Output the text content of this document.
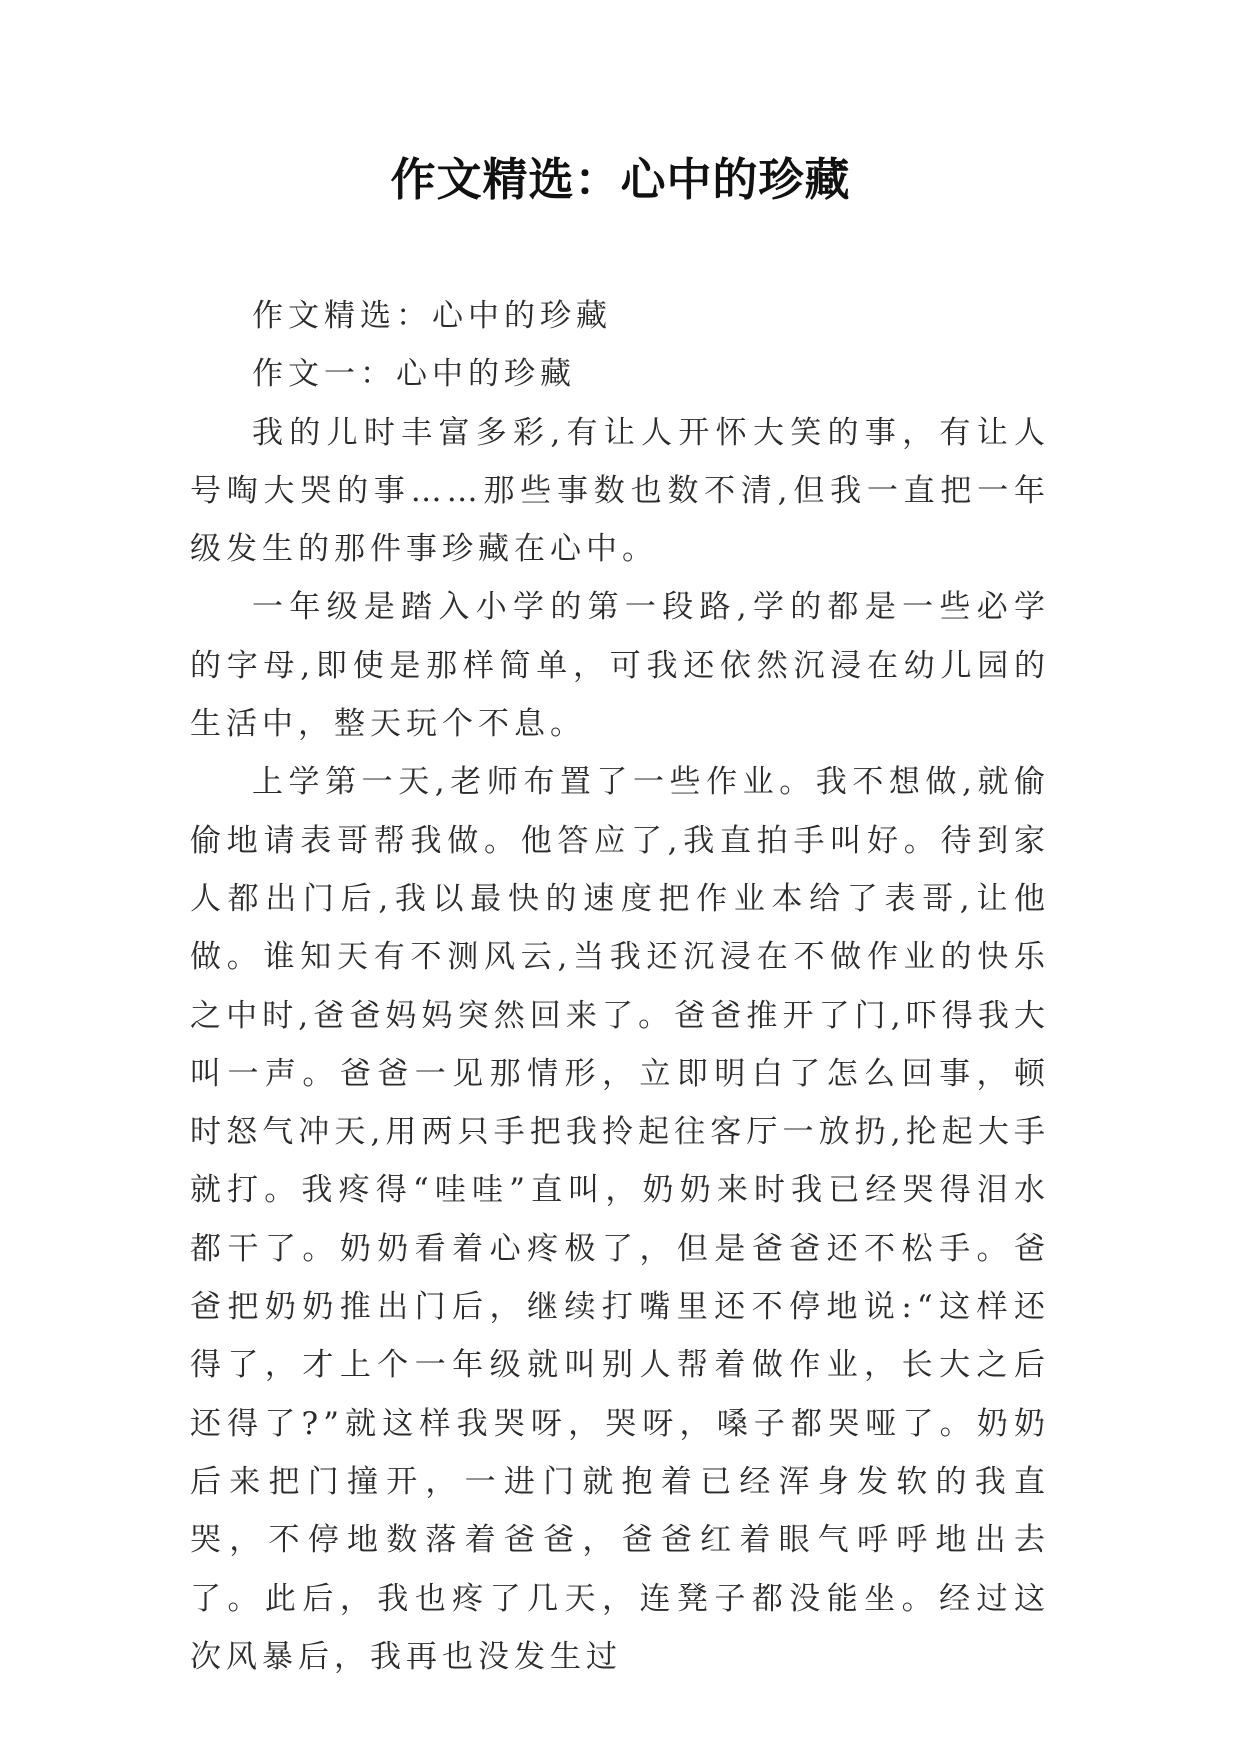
作文精选：心中的珍藏

作文精选：心中的珍藏

作文一：心中的珍藏

我的儿时丰富多彩,有让人开怀大笑的事，有让人号啕大哭的事……那些事数也数不清,但我一直把一年级发生的那件事珍藏在心中。

一年级是踏入小学的第一段路,学的都是一些必学的字母,即使是那样简单，可我还依然沉浸在幼儿园的生活中，整天玩个不息。

上学第一天,老师布置了一些作业。我不想做,就偷偷地请表哥帮我做。他答应了,我直拍手叫好。待到家人都出门后,我以最快的速度把作业本给了表哥,让他做。谁知天有不测风云,当我还沉浸在不做作业的快乐之中时,爸爸妈妈突然回来了。爸爸推开了门,吓得我大叫一声。爸爸一见那情形，立即明白了怎么回事，顿时怒气冲天,用两只手把我拎起往客厅一放扔,抡起大手就打。我疼得“哇哇”直叫，奶奶来时我已经哭得泪水都干了。奶奶看着心疼极了，但是爸爸还不松手。爸爸把奶奶推出门后，继续打嘴里还不停地说:“这样还得了，才上个一年级就叫别人帮着做作业，长大之后还得了?”就这样我哭呀，哭呀，嗓子都哭哑了。奶奶后来把门撞开，一进门就抱着已经浑身发软的我直哭，不停地数落着爸爸，爸爸红着眼气呼呼地出去了。此后，我也疼了几天，连凳子都没能坐。经过这次风暴后，我再也没发生过
